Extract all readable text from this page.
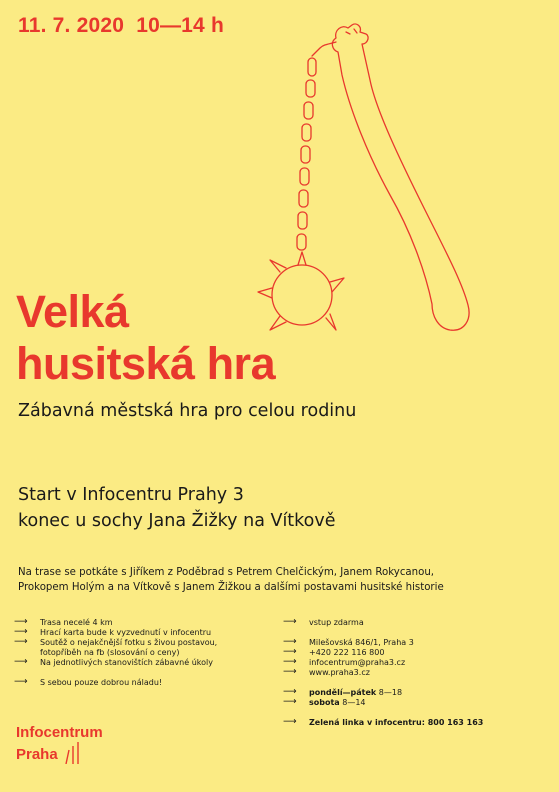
11. 7. 2020  10—14 h
Velká
husitská hra
Zábavná městská hra pro celou rodinu
Start v Infocentru Prahy 3
konec u sochy Jana Žižky na Vítkově
Na trase se potkáte s Jiříkem z Poděbrad s Petrem Chelčickým, Janem Rokycanou,
Prokopem Holým a na Vítkově s Janem Žižkou a dalšími postavami husitské historie
⟶ Trasa necelé 4 km
⟶ Hrací karta bude k vyzvednutí v infocentru
⟶ Soutěž o nejakčnější fotku s živou postavou,
fotopříběh na fb (slosování o ceny)
⟶ Na jednotlivých stanovištích zábavné úkoly
⟶ S sebou pouze dobrou náladu!
⟶ vstup zdarma
⟶ Milešovská 846/1, Praha 3
⟶ +420 222 116 800
⟶ infocentrum@praha3.cz
⟶ www.praha3.cz
⟶ pondělí—pátek 8—18
⟶ sobota 8—14
⟶ Zelená linka v infocentru: 800 163 163
Infocentrum
Praha
